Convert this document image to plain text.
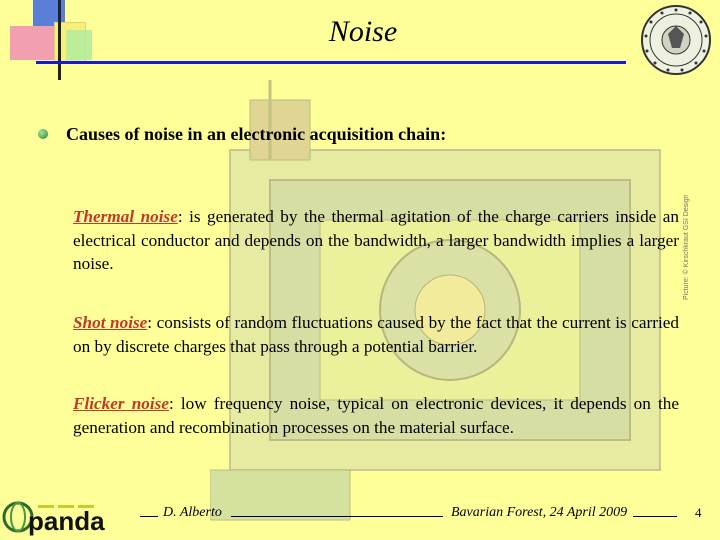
Noise
Causes of noise in an electronic acquisition chain:
Thermal noise: is generated by the thermal agitation of the charge carriers inside an electrical conductor and depends on the bandwidth, a larger bandwidth implies a larger noise.
Shot noise: consists of random fluctuations caused by the fact that the current is carried on by discrete charges that pass through a potential barrier.
Flicker noise: low frequency noise, typical on electronic devices, it depends on the generation and recombination processes on the material surface.
Picture: © Kirschkraut GSI Design
panda	D. Alberto	Bavarian Forest, 24 April 2009	4
